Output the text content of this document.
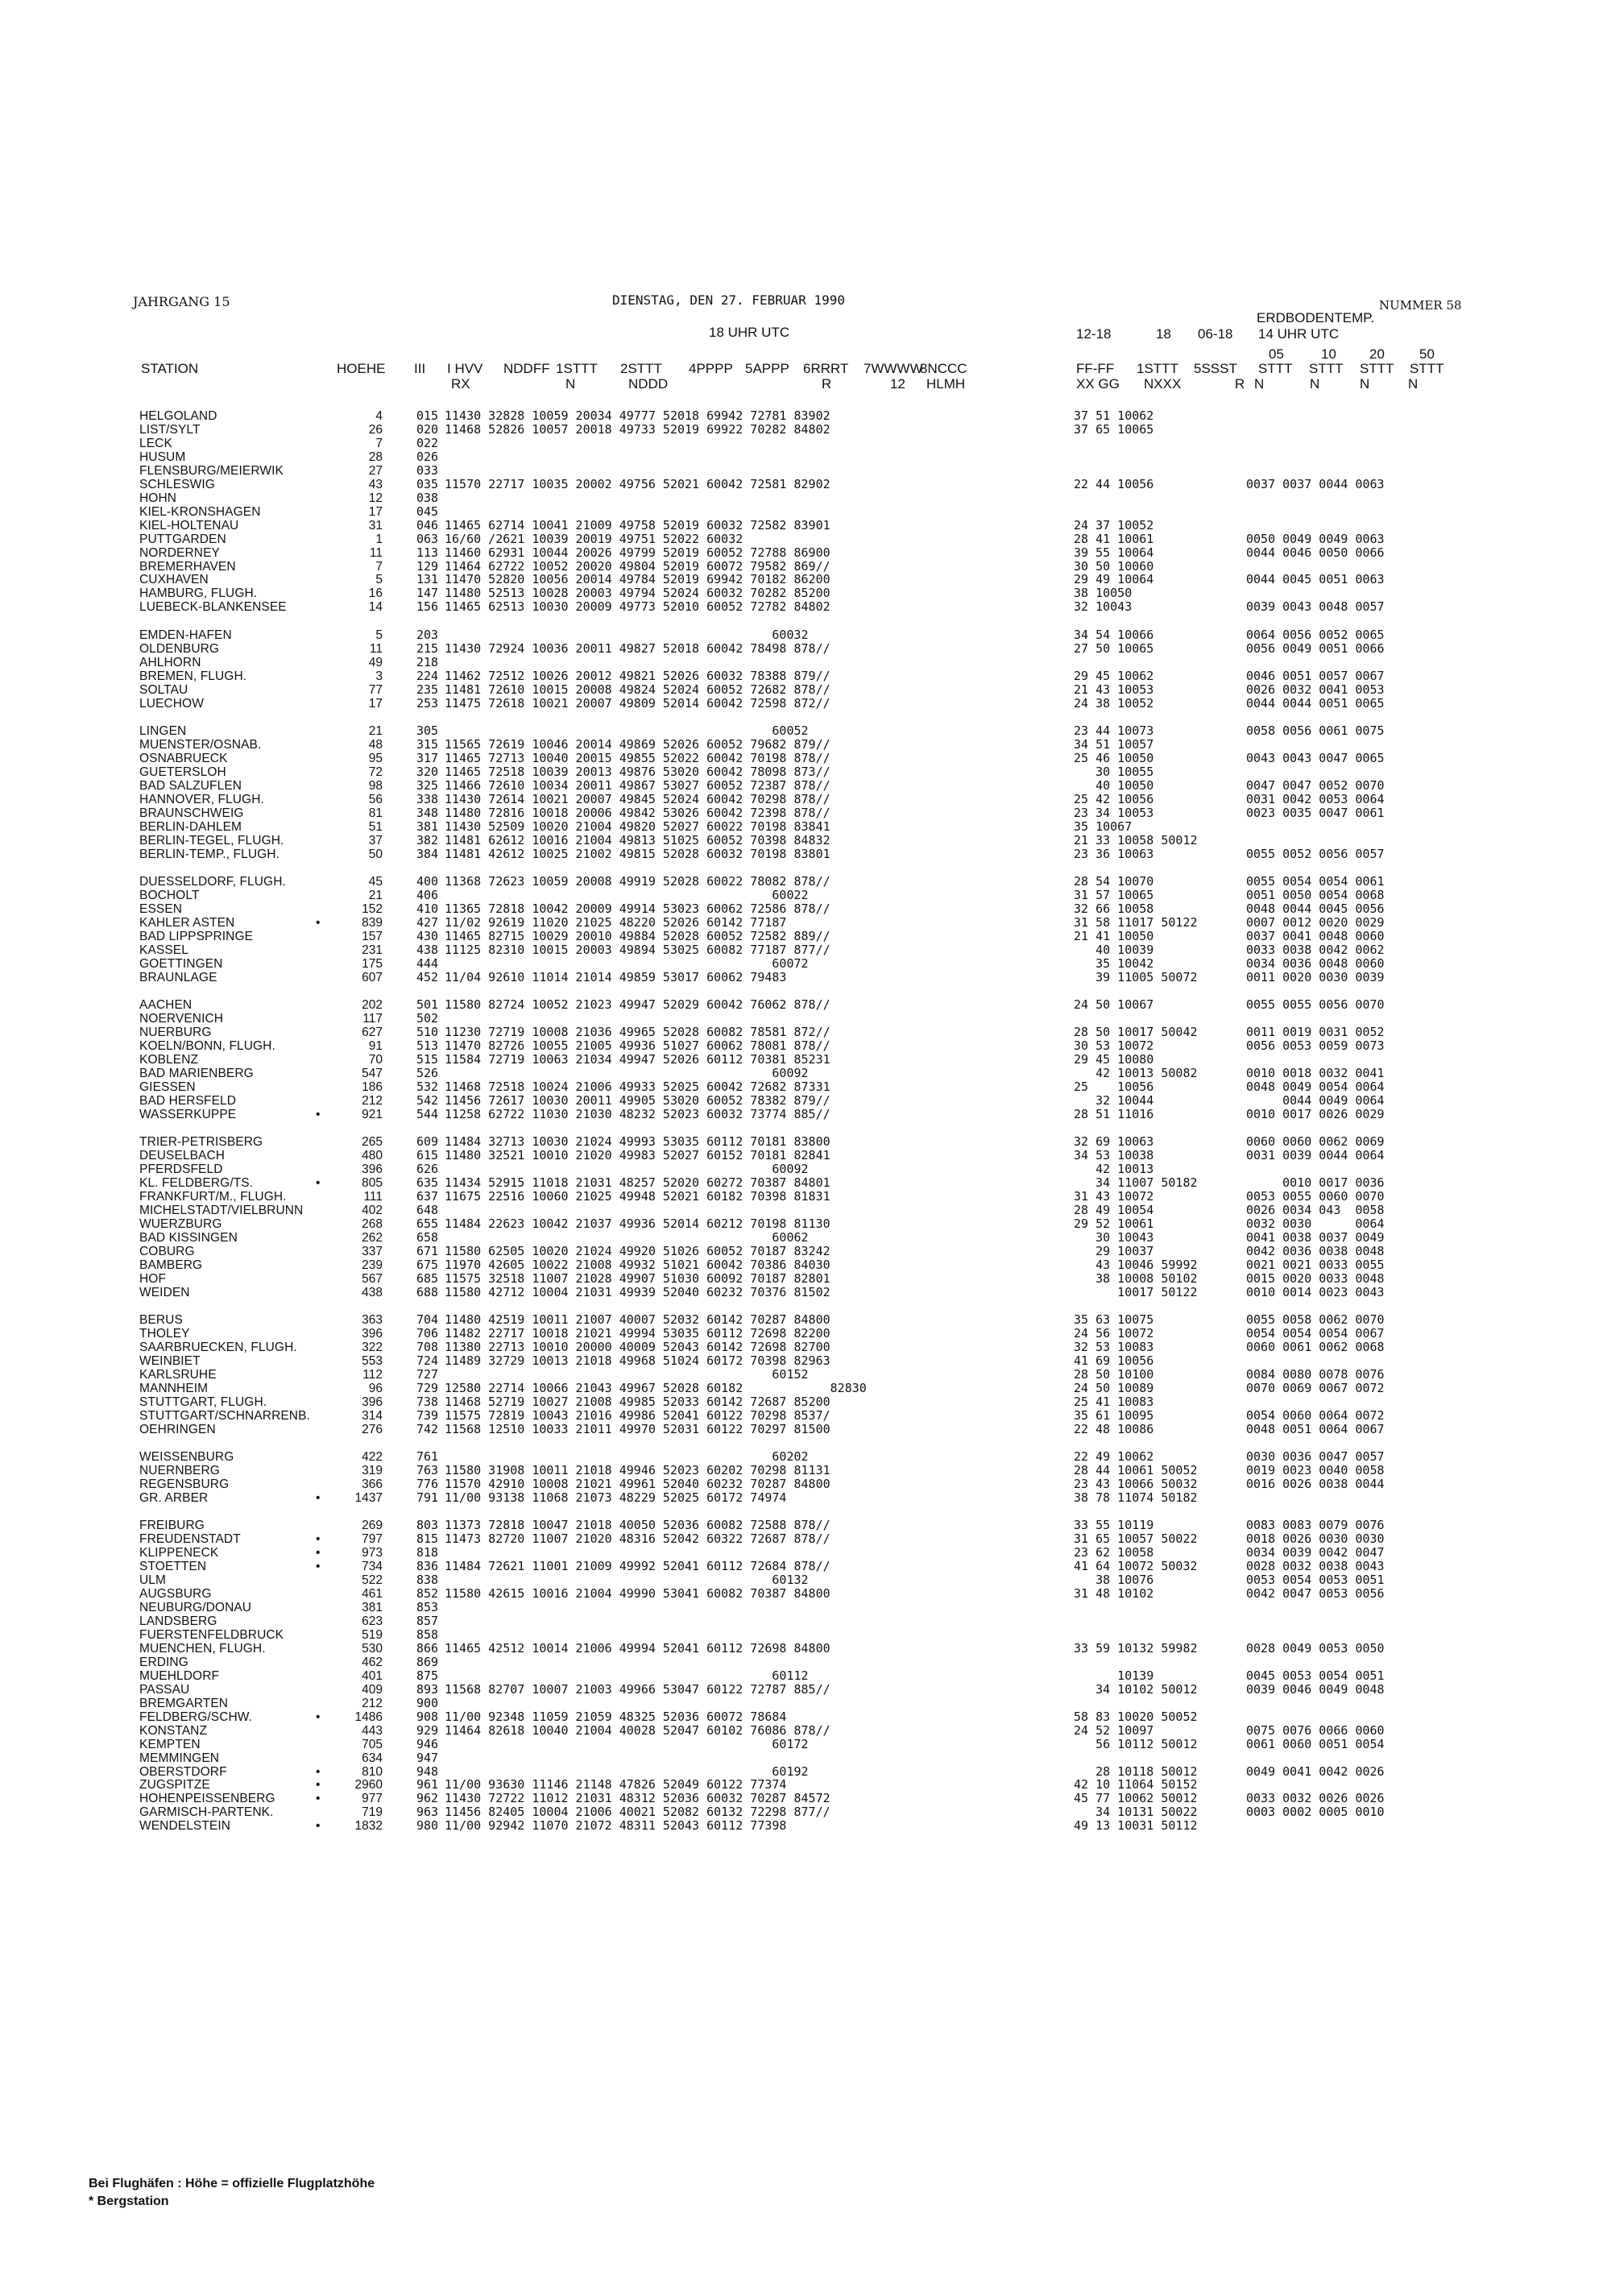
JAHRGANG 15	DIENSTAG, DEN 27. FEBRUAR 1990	NUMMER 58
18 UHR UTC
ERDBODENTEMP.
12-18	18 06-18 14 UHR UTC
STATION	HOEHE III I HVV NDDFF 1STTT 2STTT 4PPPP 5APPP 6RRRT 7WWWW
8NCCC	FF-FF 1STTT 5SSST
05	10 20	50
STTT STTT STTT STTT
RX	N	NDDD	R	12 HLMH	XX GG NXXX	R N	N	N	N
HELGOLAND	4	015 11430 32828 10059 20034 49777 52018 69942 72781 83902	37 51 10062
LIST/SYLT	26	020 11468 52826 10057 20018 49733 52019 69922 70282 84802	37 65 10065
LECK	7	022
HUSUM	28	026
FLENSBURG/MEIERWIK	27	033
SCHLESWIG	43	035 11570 22717 10035 20002 49756 52021 60042 72581 82902	22 44 10056	0037 0037 0044 0063
HOHN	12	038
KIEL-KRONSHAGEN	17	045
KIEL-HOLTENAU	31	046 11465 62714 10041 21009 49758 52019 60032 72582 83901	24 37 10052
PUTTGARDEN	1	063 16/60 /2621 10039 20019 49751 52022 60032	28 41 10061	0050 0049 0049 0063
NORDERNEY	11	113 11460 62931 10044 20026 49799 52019 60052 72788 86900	39 55 10064	0044 0046 0050 0066
BREMERHAVEN	7	129 11464 62722 10052 20020 49804 52019 60072 79582 869//	30 50 10060
CUXHAVEN	5	131 11470 52820 10056 20014 49784 52019 69942 70182 86200	29 49 10064	0044 0045 0051 0063
HAMBURG, FLUGH.	16	147 11480 52513 10028 20003 49794 52024 60032 70282 85200	38 10050
LUEBECK-BLANKENSEE	14	156 11465 62513 10030 20009 49773 52010 60052 72782 84802	32 10043	0039 0043 0048 0057
EMDEN-HAFEN	5	203 60032	34 54 10066	0064 0056 0052 0065
OLDENBURG	11	215 11430 72924 10036 20011 49827 52018 60042 78498 878//	27 50 10065	0056 0049 0051 0066
AHLHORN	49	218
BREMEN, FLUGH.	3	224 11462 72512 10026 20012 49821 52026 60032 78388 879//	29 45 10062	0046 0051 0057 0067
SOLTAU	77	235 11481 72610 10015 20008 49824 52024 60052 72682 878//	21 43 10053	0026 0032 0041 0053
LUECHOW	17	253 11475 72618 10021 20007 49809 52014 60042 72598 872//	24 38 10052	0044 0044 0051 0065
LINGEN	21	305 60052	23 44 10073	0058 0056 0061 0075
MUENSTER/OSNAB.	48	315 11565 72619 10046 20014 49869 52026 60052 79682 879//	34 51 10057
OSNABRUECK	95	317 11465 72713 10040 20015 49855 52022 60042 70198 878//	25 46 10050	0043 0043 0047 0065
GUETERSLOH	72	320 11465 72518 10039 20013 49876 53020 60042 78098 873//	30 10055
BAD SALZUFLEN	98	325 11466 72610 10034 20011 49867 53027 60052 72387 878//	40 10050	0047 0047 0052 0070
HANNOVER, FLUGH.	56	338 11430 72614 10021 20007 49845 52024 60042 70298 878//	25 42 10056	0031 0042 0053 0064
BRAUNSCHWEIG	81	348 11480 72816 10018 20006 49842 53026 60042 72398 878//	23 34 10053	0023 0035 0047 0061
BERLIN-DAHLEM	51	381 11430 52509 10020 21004 49820 52027 60022 70198 83841	35 10067
BERLIN-TEGEL, FLUGH.	37	382 11481 62612 10016 21004 49813 51025 60052 70398 84832	21 33 10058 50012
BERLIN-TEMP., FLUGH.	50	384 11481 42612 10025 21002 49815 52028 60032 70198 83801	23 36 10063	0055 0052 0056 0057
DUESSELDORF, FLUGH.	45	400 11368 72623 10059 20008 49919 52028 60022 78082 878//	28 54 10070	0055 0054 0054 0061
BOCHOLT	21	406 60022	31 57 10065	0051 0050 0054 0068
ESSEN	152	410 11365 72818 10042 20009 49914 53023 60062 72586 878//	32 66 10058	0048 0044 0045 0056
KAHLER ASTEN	•	839	427 11/02 92619 11020 21025 48220 52026 60142 77187	31 58 11017 50122	0007 0012 0020 0029
BAD LIPPSPRINGE	157	430 11465 82715 10029 20010 49884 52028 60052 72582 889//	21 41 10050	0037 0041 0048 0060
KASSEL	231	438 11125 82310 10015 20003 49894 53025 60082 77187 877//	40 10039	0033 0038 0042 0062
GOETTINGEN	175	444 60072	35 10042	0034 0036 0048 0060
BRAUNLAGE	607	452 11/04 92610 11014 21014 49859 53017 60062 79483	39 11005 50072	0011 0020 0030 0039
AACHEN	202	501 11580 82724 10052 21023 49947 52029 60042 76062 878//	24 50 10067	0055 0055 0056 0070
NOERVENICH	117	502
NUERBURG	627	510 11230 72719 10008 21036 49965 52028 60082 78581 872//	28 50 10017 50042	0011 0019 0031 0052
KOELN/BONN, FLUGH.	91	513 11470 82726 10055 21005 49936 51027 60062 78081 878//	30 53 10072	0056 0053 0059 0073
KOBLENZ	70	515 11584 72719 10063 21034 49947 52026 60112 70381 85231	29 45 10080
BAD MARIENBERG	547	526 60092	42 10013 50082	0010 0018 0032 0041
GIESSEN	186	532 11468 72518 10024 21006 49933 52025 60042 72682 87331	25    10056	0048 0049 0054 0064
BAD HERSFELD	212	542 11456 72617 10030 20011 49905 53020 60052 78382 879//	32 10044	0044 0049 0064
WASSERKUPPE	•	921	544 11258 62722 11030 21030 48232 52023 60032 73774 885//	28 51 11016	0010 0017 0026 0029
TRIER-PETRISBERG	265	609 11484 32713 10030 21024 49993 53035 60112 70181 83800	32 69 10063	0060 0060 0062 0069
DEUSELBACH	480	615 11480 32521 10010 21020 49983 52027 60152 70181 82841	34 53 10038	0031 0039 0044 0064
PFERDSFELD	396	626 60092	42 10013
KL. FELDBERG/TS.	•	805	635 11434 52915 11018 21031 48257 52020 60272 70387 84801	34 11007 50182	0010 0017 0036
FRANKFURT/M., FLUGH.	111	637 11675 22516 10060 21025 49948 52021 60182 70398 81831	31 43 10072	0053 0055 0060 0070
MICHELSTADT/VIELBRUNN	402	648	28 49 10054	0026 0034 043  0058
WUERZBURG	268	655 11484 22623 10042 21037 49936 52014 60212 70198 81130	29 52 10061	0032 0030      0064
BAD KISSINGEN	262	658 60062	30 10043	0041 0038 0037 0049
COBURG	337	671 11580 62505 10020 21024 49920 51026 60052 70187 83242	29 10037	0042 0036 0038 0048
BAMBERG	239	675 11970 42605 10022 21008 49932 51021 60042 70386 84030	43 10046 59992	0021 0021 0033 0055
HOF	567	685 11575 32518 11007 21028 49907 51030 60092 70187 82801	38 10008 50102	0015 0020 0033 0048
WEIDEN	438	688 11580 42712 10004 21031 49939 52040 60232 70376 81502	10017 50122	0010 0014 0023 0043
BERUS	363	704 11480 42519 10011 21007 40007 52032 60142 70287 84800	35 63 10075	0055 0058 0062 0070
THOLEY	396	706 11482 22717 10018 21021 49994 53035 60112 72698 82200	24 56 10072	0054 0054 0054 0067
SAARBRUECKEN, FLUGH.	322	708 11380 22713 10010 20000 40009 52043 60142 72698 82700	32 53 10083	0060 0061 0062 0068
WEINBIET	553	724 11489 32729 10013 21018 49968 51024 60172 70398 82963	41 69 10056
KARLSRUHE	112	727 60152	28 50 10100	0084 0080 0078 0076
MANNHEIM	96	729 12580 22714 10066 21043 49967 52028 60182            82830	24 50 10089	0070 0069 0067 0072
STUTTGART, FLUGH.	396	738 11468 52719 10027 21008 49985 52033 60142 72687 85200	25 41 10083
STUTTGART/SCHNARRENB.	314	739 11575 72819 10043 21016 49986 52041 60122 70298 8537/	35 61 10095	0054 0060 0064 0072
OEHRINGEN	276	742 11568 12510 10033 21011 49970 52031 60122 70297 81500	22 48 10086	0048 0051 0064 0067
WEISSENBURG	422	761 60202	22 49 10062	0030 0036 0047 0057
NUERNBERG	319	763 11580 31908 10011 21018 49946 52023 60202 70298 81131	28 44 10061 50052	0019 0023 0040 0058
REGENSBURG	366	776 11570 42910 10008 21021 49961 52040 60232 70287 84800	23 43 10066 50032	0016 0026 0038 0044
GR. ARBER	•	1437	791 11/00 93138 11068 21073 48229 52025 60172 74974	38 78 11074 50182
FREIBURG	269	803 11373 72818 10047 21018 40050 52036 60082 72588 878//	33 55 10119	0083 0083 0079 0076
FREUDENSTADT	•	797	815 11473 82720 11007 21020 48316 52042 60322 72687 878//	31 65 10057 50022	0018 0026 0030 0030
KLIPPENECK	•	973	818	23 62 10058	0034 0039 0042 0047
STOETTEN	•	734	836 11484 72621 11001 21009 49992 52041 60112 72684 878//	41 64 10072 50032	0028 0032 0038 0043
ULM	522	838 60132	38 10076	0053 0054 0053 0051
AUGSBURG	461	852 11580 42615 10016 21004 49990 53041 60082 70387 84800	31 48 10102	0042 0047 0053 0056
NEUBURG/DONAU	381	853
LANDSBERG	623	857
FUERSTENFELDBRUCK	519	858
MUENCHEN, FLUGH.	530	866 11465 42512 10014 21006 49994 52041 60112 72698 84800	33 59 10132 59982	0028 0049 0053 0050
ERDING	462	869
MUEHLDORF	401	875 60112	10139	0045 0053 0054 0051
PASSAU	409	893 11568 82707 10007 21003 49966 53047 60122 72787 885//	34 10102 50012	0039 0046 0049 0048
BREMGARTEN	212	900
FELDBERG/SCHW.	•	1486	908 11/00 92348 11059 21059 48325 52036 60072 78684	58 83 10020 50052
KONSTANZ	443	929 11464 82618 10040 21004 40028 52047 60102 76086 878//	24 52 10097	0075 0076 0066 0060
KEMPTEN	705	946 60172	56 10112 50012	0061 0060 0051 0054
MEMMINGEN	634	947
OBERSTDORF	•	810	948 60192	28 10118 50012	0049 0041 0042 0026
ZUGSPITZE	•	2960	961 11/00 93630 11146 21148 47826 52049 60122 77374	42 10 11064 50152
HOHENPEISSENBERG	•	977	962 11430 72722 11012 21031 48312 52036 60032 70287 84572	45 77 10062 50012	0033 0032 0026 0026
GARMISCH-PARTENK.	719	963 11456 82405 10004 21006 40021 52082 60132 72298 877//	34 10131 50022	0003 0002 0005 0010
WENDELSTEIN	•	1832	980 11/00 92942 11070 21072 48311 52043 60112 77398	49 13 10031 50112
Bei Flughäfen : Höhe = offizielle Flugplatzhöhe
* Bergstation
